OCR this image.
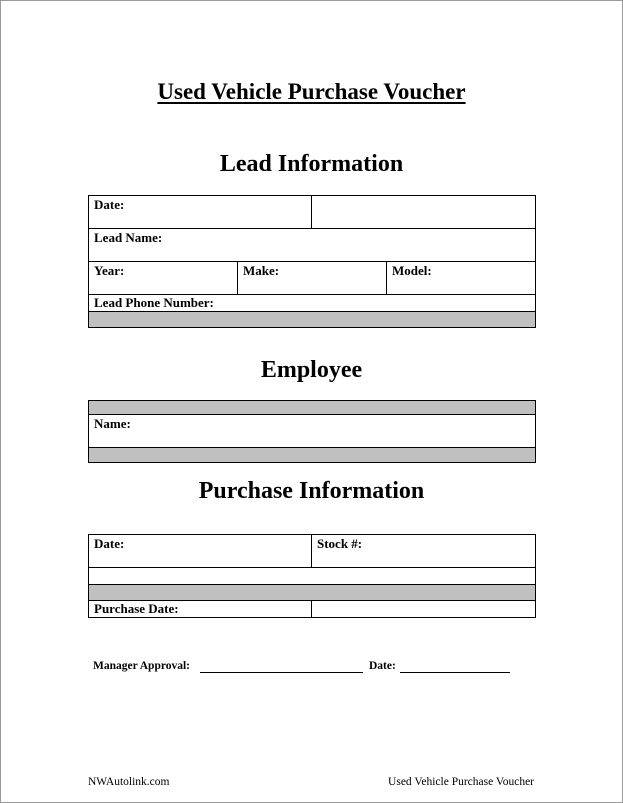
Used Vehicle Purchase Voucher
Lead Information
Date:
Lead Name:
Year:	Make:	Model:
Lead Phone Number:
Employee
Name:
Purchase Information
Date:	Stock #:
Purchase Date:
Manager Approval:	Date:
NWAutolink.com	Used Vehicle Purchase Voucher
